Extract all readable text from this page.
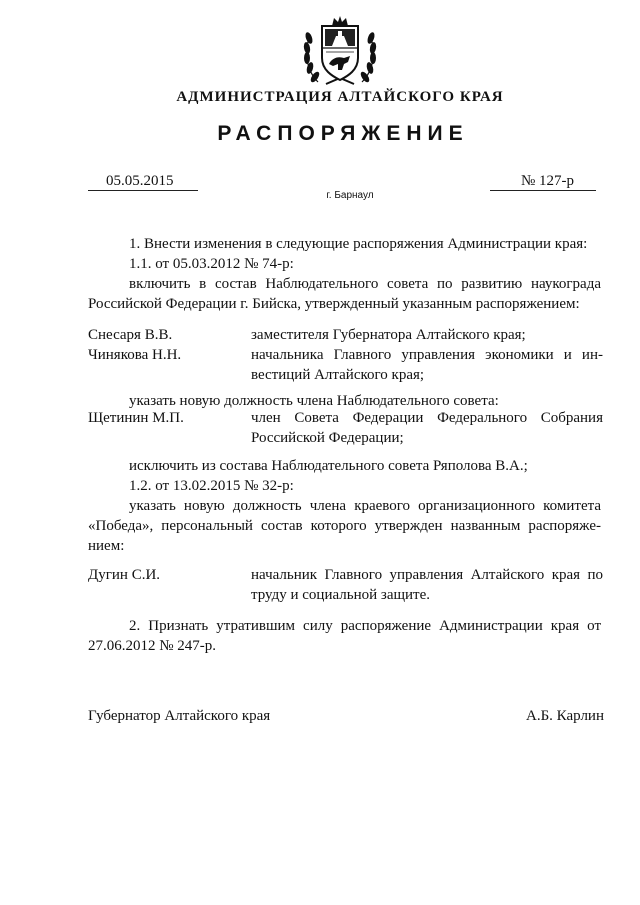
АДМИНИСТРАЦИЯ АЛТАЙСКОГО КРАЯ
РАСПОРЯЖЕНИЕ
05.05.2015	№ 127-р
г. Барнаул
1. Внести изменения в следующие распоряжения Администрации края:
1.1. от 05.03.2012 № 74-р:
включить в состав Наблюдательного совета по развитию наукограда
Российской Федерации г. Бийска, утвержденный указанным распоряжением:
Снесаря В.В.	заместителя Губернатора Алтайского края;
Чинякова Н.Н.	начальника Главного управления экономики и ин-
вестиций Алтайского края;
указать новую должность члена Наблюдательного совета:
Щетинин М.П.	член Совета Федерации Федерального Собрания
Российской Федерации;
исключить из состава Наблюдательного совета Ряполова В.А.;
1.2. от 13.02.2015 № 32-р:
указать новую должность члена краевого организационного комитета
«Победа», персональный состав которого утвержден названным распоряже-
нием:
Дугин С.И.	начальник Главного управления Алтайского края по
труду и социальной защите.
2. Признать утратившим силу распоряжение Администрации края от
27.06.2012 № 247-р.
Губернатор Алтайского края	А.Б. Карлин
